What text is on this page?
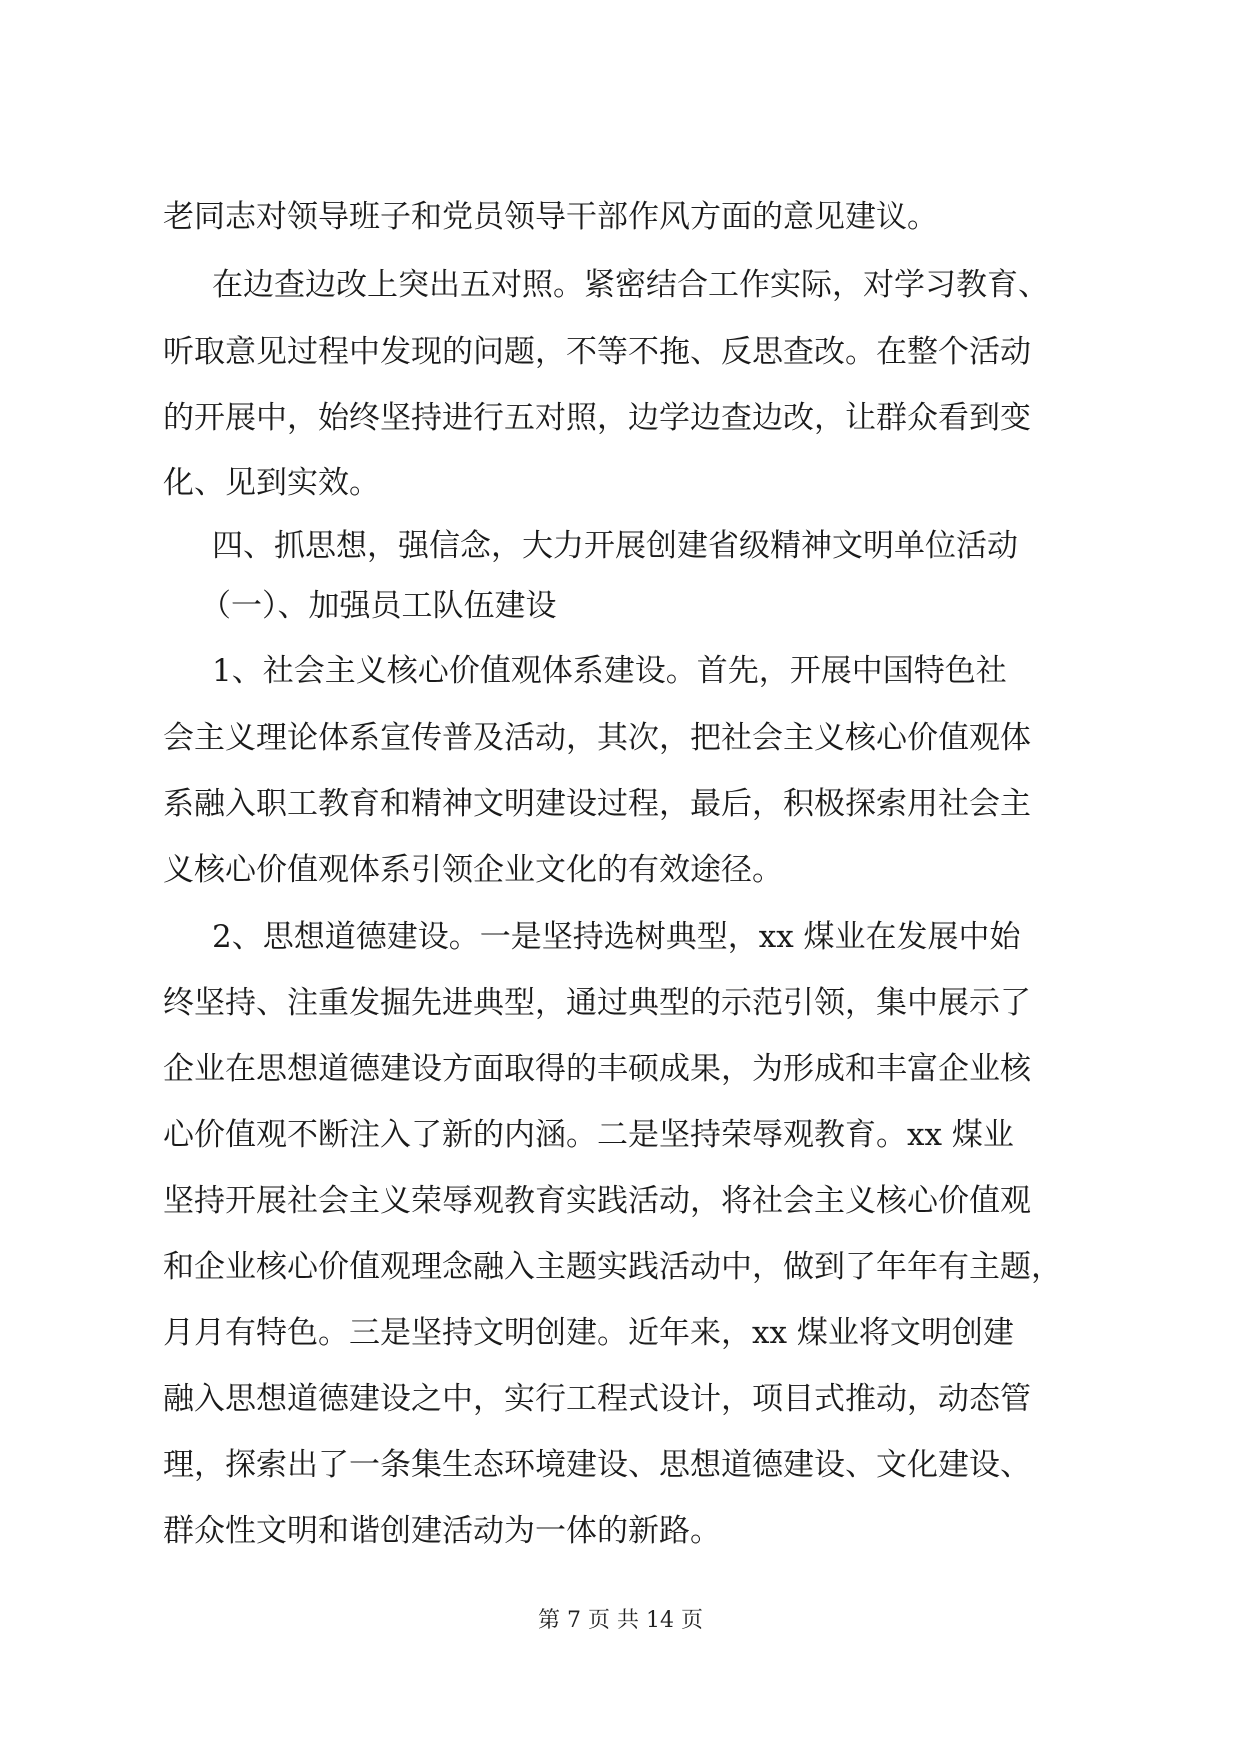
老同志对领导班子和党员领导干部作风方面的意见建议。
在边查边改上突出五对照。紧密结合工作实际，对学习教育、
听取意见过程中发现的问题，不等不拖、反思查改。在整个活动
的开展中，始终坚持进行五对照，边学边查边改，让群众看到变
化、见到实效。
四、抓思想，强信念，大力开展创建省级精神文明单位活动
（一）、加强员工队伍建设
1、社会主义核心价值观体系建设。首先，开展中国特色社
会主义理论体系宣传普及活动，其次，把社会主义核心价值观体
系融入职工教育和精神文明建设过程，最后，积极探索用社会主
义核心价值观体系引领企业文化的有效途径。
2、思想道德建设。一是坚持选树典型，xx 煤业在发展中始
终坚持、注重发掘先进典型，通过典型的示范引领，集中展示了
企业在思想道德建设方面取得的丰硕成果，为形成和丰富企业核
心价值观不断注入了新的内涵。二是坚持荣辱观教育。xx 煤业
坚持开展社会主义荣辱观教育实践活动，将社会主义核心价值观
和企业核心价值观理念融入主题实践活动中，做到了年年有主题，
月月有特色。三是坚持文明创建。近年来，xx 煤业将文明创建
融入思想道德建设之中，实行工程式设计，项目式推动，动态管
理，探索出了一条集生态环境建设、思想道德建设、文化建设、
群众性文明和谐创建活动为一体的新路。
第 7 页 共 14 页
